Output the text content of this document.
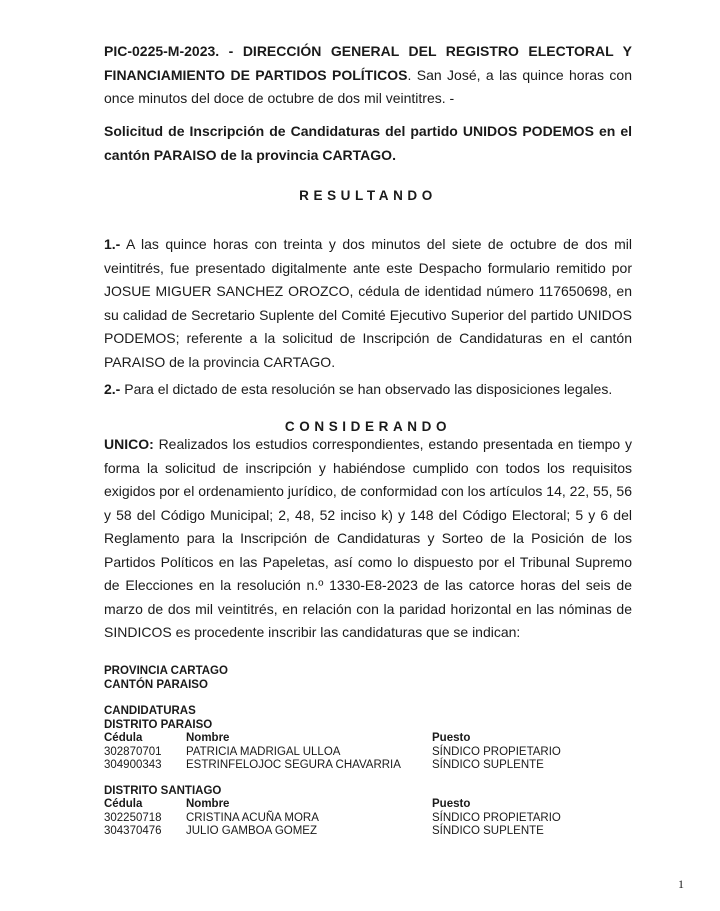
PIC-0225-M-2023. - DIRECCIÓN GENERAL DEL REGISTRO ELECTORAL Y FINANCIAMIENTO DE PARTIDOS POLÍTICOS. San José, a las quince horas con once minutos del doce de octubre de dos mil veintitres. -

Solicitud de Inscripción de Candidaturas del partido UNIDOS PODEMOS en el cantón PARAISO de la provincia CARTAGO.

RESULTANDO

1.- A las quince horas con treinta y dos minutos del siete de octubre de dos mil veintitrés, fue presentado digitalmente ante este Despacho formulario remitido por JOSUE MIGUER SANCHEZ OROZCO, cédula de identidad número 117650698, en su calidad de Secretario Suplente del Comité Ejecutivo Superior del partido UNIDOS PODEMOS; referente a la solicitud de Inscripción de Candidaturas en el cantón PARAISO de la provincia CARTAGO.

2.- Para el dictado de esta resolución se han observado las disposiciones legales.

CONSIDERANDO

UNICO: Realizados los estudios correspondientes, estando presentada en tiempo y forma la solicitud de inscripción y habiéndose cumplido con todos los requisitos exigidos por el ordenamiento jurídico, de conformidad con los artículos 14, 22, 55, 56 y 58 del Código Municipal; 2, 48, 52 inciso k) y 148 del Código Electoral; 5 y 6 del Reglamento para la Inscripción de Candidaturas y Sorteo de la Posición de los Partidos Políticos en las Papeletas, así como lo dispuesto por el Tribunal Supremo de Elecciones en la resolución n.º 1330-E8-2023 de las catorce horas del seis de marzo de dos mil veintitrés, en relación con la paridad horizontal en las nóminas de SINDICOS es procedente inscribir las candidaturas que se indican:

PROVINCIA CARTAGO
CANTÓN PARAISO
CANDIDATURAS
DISTRITO PARAISO
Cédula	Nombre	Puesto
302870701	PATRICIA MADRIGAL ULLOA	SÍNDICO PROPIETARIO
304900343	ESTRINFELOJOC SEGURA CHAVARRIA	SÍNDICO SUPLENTE
DISTRITO SANTIAGO
Cédula	Nombre	Puesto
302250718	CRISTINA ACUÑA MORA	SÍNDICO PROPIETARIO
304370476	JULIO GAMBOA GOMEZ	SÍNDICO SUPLENTE
1
